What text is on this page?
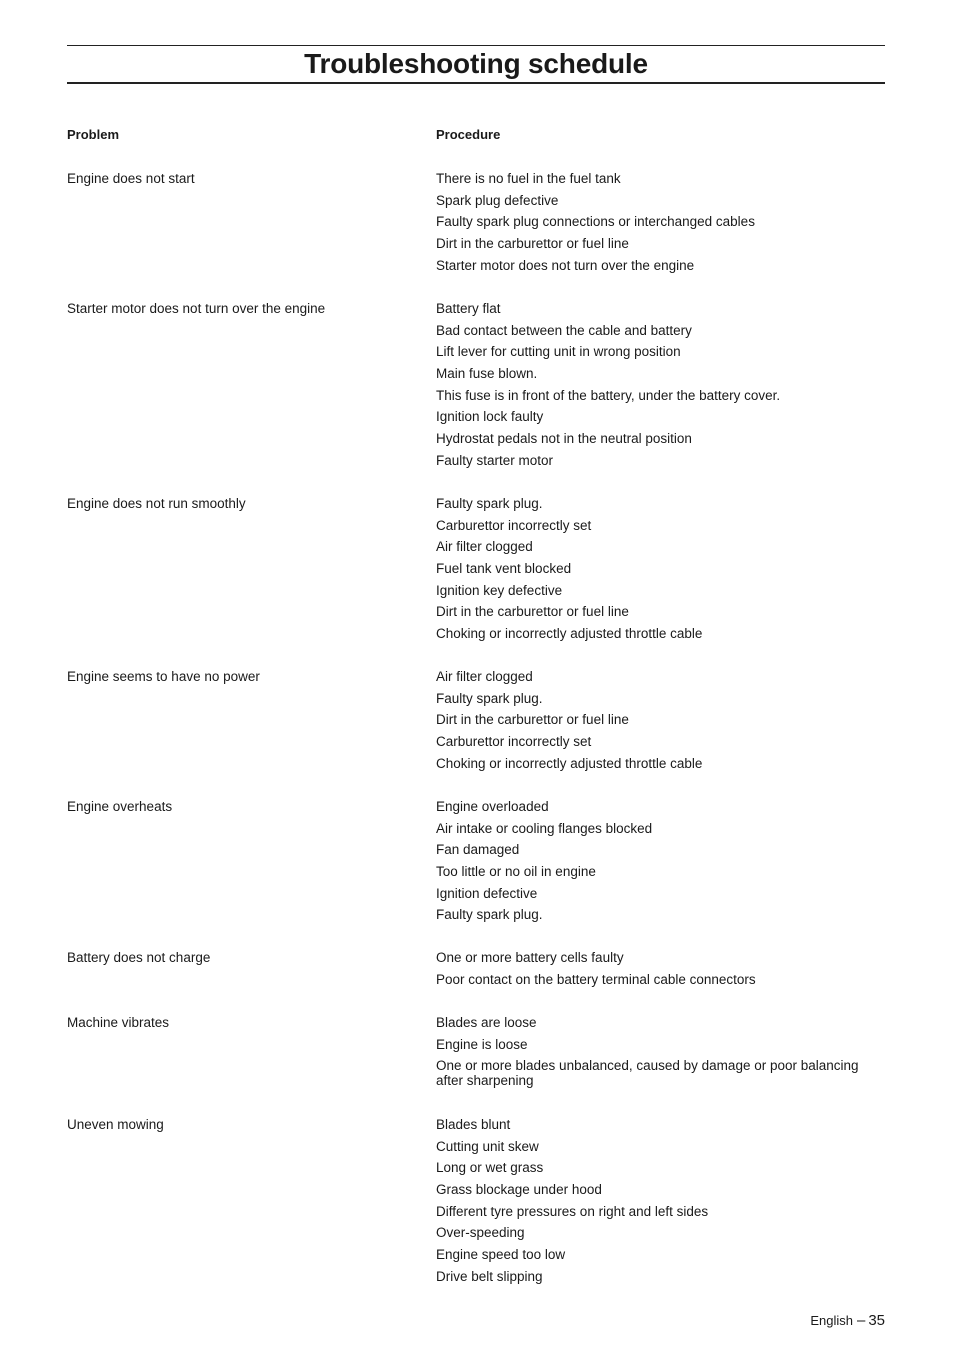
Troubleshooting schedule
Problem	Procedure
Engine does not start	There is no fuel in the fuel tank
Spark plug defective
Faulty spark plug connections or interchanged cables
Dirt in the carburettor or fuel line
Starter motor does not turn over the engine
Starter motor does not turn over the engine	Battery flat
Bad contact between the cable and battery
Lift lever for cutting unit in wrong position
Main fuse blown.
This fuse is in front of the battery, under the battery cover.
Ignition lock faulty
Hydrostat pedals not in the neutral position
Faulty starter motor
Engine does not run smoothly	Faulty spark plug.
Carburettor incorrectly set
Air filter clogged
Fuel tank vent blocked
Ignition key defective
Dirt in the carburettor or fuel line
Choking or incorrectly adjusted throttle cable
Engine seems to have no power	Air filter clogged
Faulty spark plug.
Dirt in the carburettor or fuel line
Carburettor incorrectly set
Choking or incorrectly adjusted throttle cable
Engine overheats	Engine overloaded
Air intake or cooling flanges blocked
Fan damaged
Too little or no oil in engine
Ignition defective
Faulty spark plug.
Battery does not charge	One or more battery cells faulty
Poor contact on the battery terminal cable connectors
Machine vibrates	Blades are loose
Engine is loose
One or more blades unbalanced, caused by damage or poor balancing after sharpening
Uneven mowing	Blades blunt
Cutting unit skew
Long or wet grass
Grass blockage under hood
Different tyre pressures on right and left sides
Over-speeding
Engine speed too low
Drive belt slipping
English – 35
